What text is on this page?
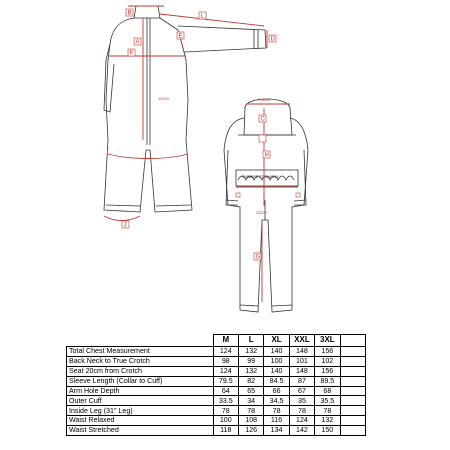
B	L
D
E
F
A
10CM
J
RAINBIRD STOWAWAY
9.5CM
C
H
20CM
G
	M	L	XL	XXL	3XL	
Total Chest Measurement	124	132	140	148	156	
Back Neck to True Crotch	98	99	100	101	102	
Seat 20cm from Crotch	124	132	140	148	156	
Sleeve Length (Collar to Cuff)	79.5	82	84.5	87	89.5	
Arm Hole Depth	64	65	66	67	68	
Outer Cuff	33.5	34	34.5	35	35.5	
Inside Leg (31" Leg)	78	78	78	78	78	
Waist Relaxed	100	108	116	124	132	
Waist Stretched	118	126	134	142	150	
